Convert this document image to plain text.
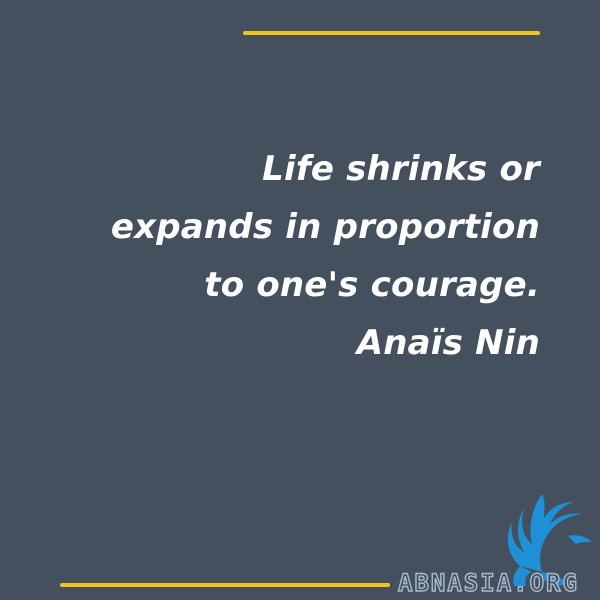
Life shrinks or
expands in proportion
to one's courage.
Anaïs Nin
ABNASIA.ORG
